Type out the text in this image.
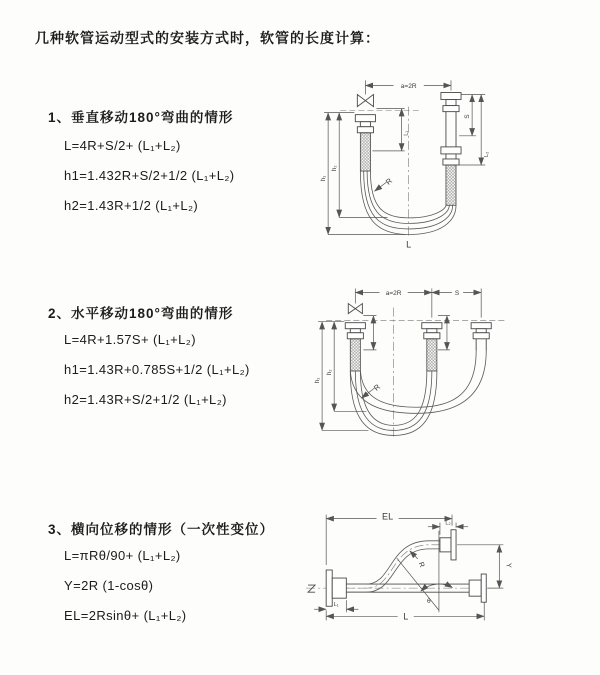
几种软管运动型式的安装方式时，软管的长度计算：
1、垂直移动180°弯曲的情形
L=4R+S/2+ (L₁+L₂)
h1=1.432R+S/2+1/2 (L₁+L₂)
h2=1.43R+1/2 (L₁+L₂)
2、水平移动180°弯曲的情形
L=4R+1.57S+ (L₁+L₂)
h1=1.43R+0.785S+1/2 (L₁+L₂)
h2=1.43R+S/2+1/2 (L₁+L₂)
3、横向位移的情形（一次性变位）
L=πRθ/90+ (L₁+L₂)
Y=2R (1-cosθ)
EL=2Rsinθ+ (L₁+L₂)
a=2R
h₁
h₂
L₁
S
L₂
R
L
a=2R	S
h₁
h₂
R
EL
L₂
Y
θ
R
L₁
L
